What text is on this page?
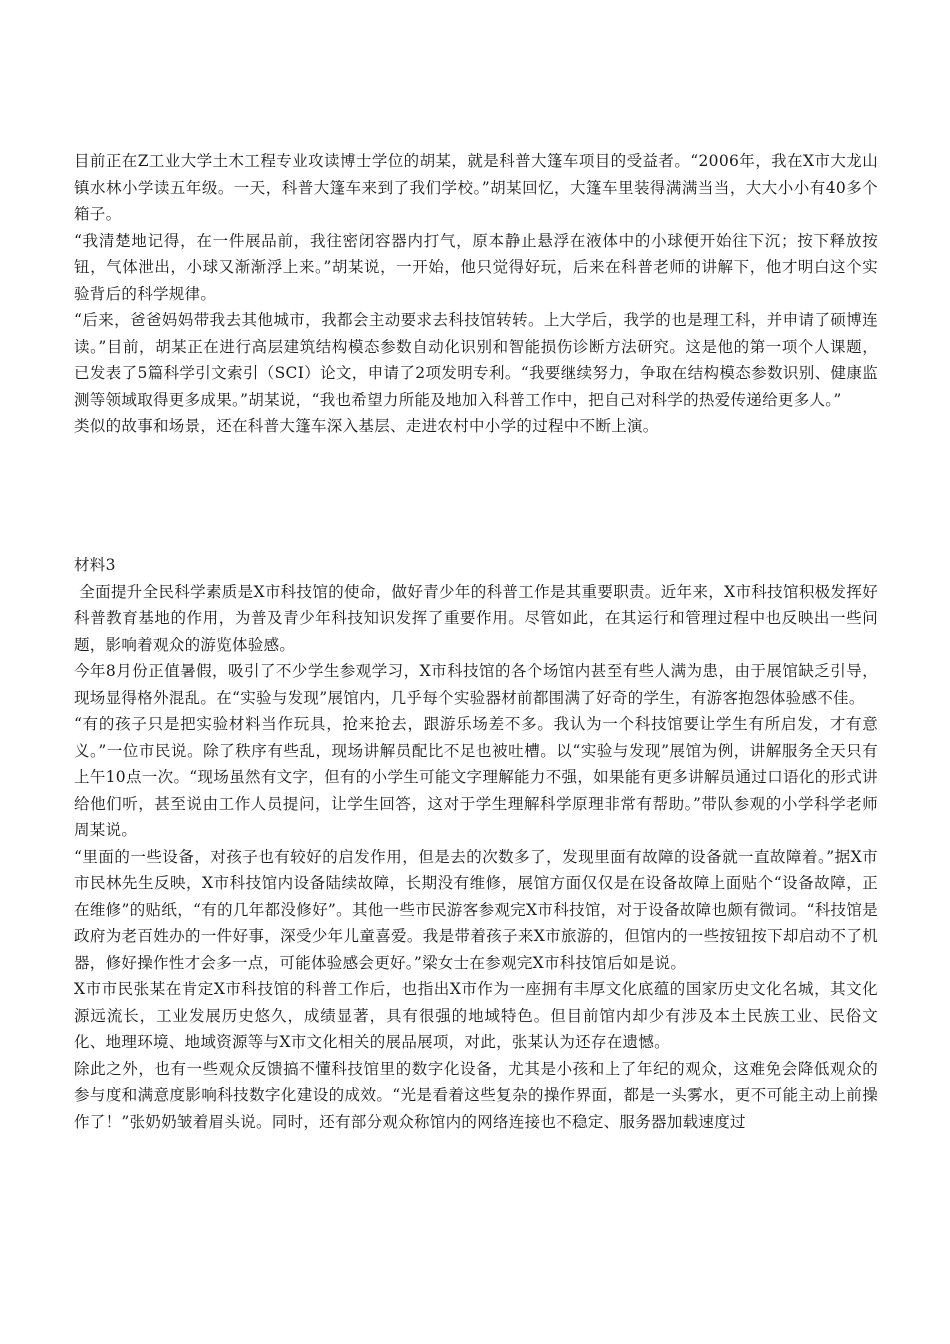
目前正在Z工业大学土木工程专业攻读博士学位的胡某，就是科普大篷车项目的受益者。“2006年，我在X市大龙山镇水林小学读五年级。一天，科普大篷车来到了我们学校。”胡某回忆，大篷车里装得满满当当，大大小小有40多个箱子。

“我清楚地记得，在一件展品前，我往密闭容器内打气，原本静止悬浮在液体中的小球便开始往下沉；按下释放按钮，气体泄出，小球又渐渐浮上来。”胡某说，一开始，他只觉得好玩，后来在科普老师的讲解下，他才明白这个实验背后的科学规律。

“后来，爸爸妈妈带我去其他城市，我都会主动要求去科技馆转转。上大学后，我学的也是理工科，并申请了硕博连读。”目前，胡某正在进行高层建筑结构模态参数自动化识别和智能损伤诊断方法研究。这是他的第一项个人课题，已发表了5篇科学引文索引（SCI）论文，申请了2项发明专利。“我要继续努力，争取在结构模态参数识别、健康监测等领域取得更多成果。”胡某说，“我也希望力所能及地加入科普工作中，把自己对科学的热爱传递给更多人。”

类似的故事和场景，还在科普大篷车深入基层、走进农村中小学的过程中不断上演。

材料3

全面提升全民科学素质是X市科技馆的使命，做好青少年的科普工作是其重要职责。近年来，X市科技馆积极发挥好科普教育基地的作用，为普及青少年科技知识发挥了重要作用。尽管如此，在其运行和管理过程中也反映出一些问题，影响着观众的游览体验感。

今年8月份正值暑假，吸引了不少学生参观学习，X市科技馆的各个场馆内甚至有些人满为患，由于展馆缺乏引导，现场显得格外混乱。在“实验与发现”展馆内，几乎每个实验器材前都围满了好奇的学生，有游客抱怨体验感不佳。

“有的孩子只是把实验材料当作玩具，抢来抢去，跟游乐场差不多。我认为一个科技馆要让学生有所启发，才有意义。”一位市民说。除了秩序有些乱，现场讲解员配比不足也被吐槽。以“实验与发现”展馆为例，讲解服务全天只有上午10点一次。“现场虽然有文字，但有的小学生可能文字理解能力不强，如果能有更多讲解员通过口语化的形式讲给他们听，甚至说由工作人员提问，让学生回答，这对于学生理解科学原理非常有帮助。”带队参观的小学科学老师周某说。

“里面的一些设备，对孩子也有较好的启发作用，但是去的次数多了，发现里面有故障的设备就一直故障着。”据X市市民林先生反映，X市科技馆内设备陆续故障，长期没有维修，展馆方面仅仅是在设备故障上面贴个“设备故障，正在维修”的贴纸，“有的几年都没修好”。其他一些市民游客参观完X市科技馆，对于设备故障也颇有微词。“科技馆是政府为老百姓办的一件好事，深受少年儿童喜爱。我是带着孩子来X市旅游的，但馆内的一些按钮按下却启动不了机器，修好操作性才会多一点，可能体验感会更好。”梁女士在参观完X市科技馆后如是说。

X市市民张某在肯定X市科技馆的科普工作后，也指出X市作为一座拥有丰厚文化底蕴的国家历史文化名城，其文化源远流长，工业发展历史悠久，成绩显著，具有很强的地域特色。但目前馆内却少有涉及本土民族工业、民俗文化、地理环境、地域资源等与X市文化相关的展品展项，对此，张某认为还存在遗憾。

除此之外，也有一些观众反馈搞不懂科技馆里的数字化设备，尤其是小孩和上了年纪的观众，这难免会降低观众的参与度和满意度影响科技数字化建设的成效。“光是看着这些复杂的操作界面，都是一头雾水，更不可能主动上前操作了！”张奶奶皱着眉头说。同时，还有部分观众称馆内的网络连接也不稳定、服务器加载速度过
